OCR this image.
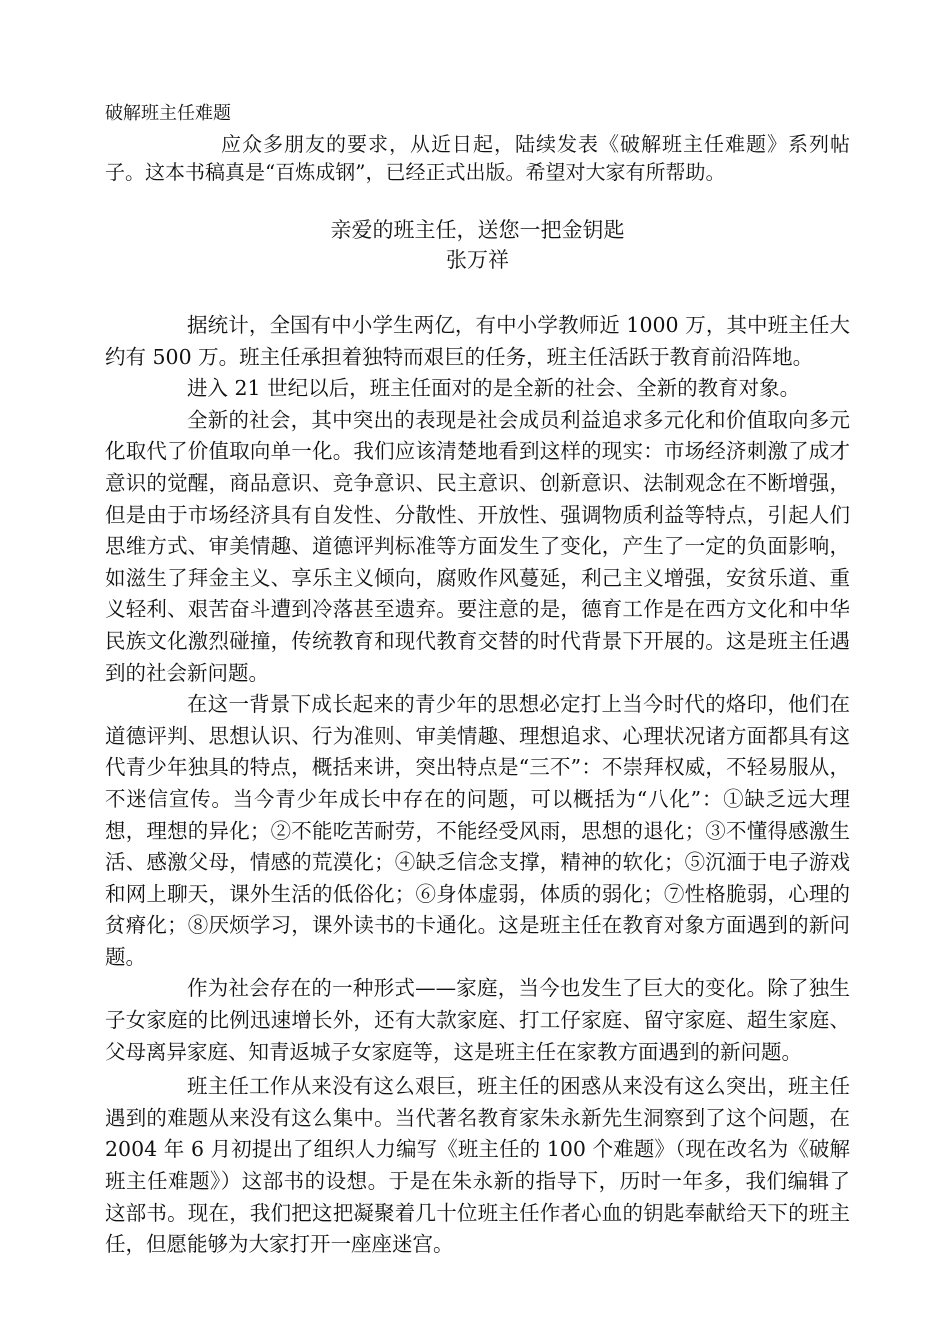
破解班主任难题

应众多朋友的要求，从近日起，陆续发表《破解班主任难题》系列帖子。这本书稿真是“百炼成钢”，已经正式出版。希望对大家有所帮助。

亲爱的班主任，送您一把金钥匙

张万祥

据统计，全国有中小学生两亿，有中小学教师近 1000 万，其中班主任大约有 500 万。班主任承担着独特而艰巨的任务，班主任活跃于教育前沿阵地。

进入 21 世纪以后，班主任面对的是全新的社会、全新的教育对象。

全新的社会，其中突出的表现是社会成员利益追求多元化和价值取向多元化取代了价值取向单一化。我们应该清楚地看到这样的现实：市场经济刺激了成才意识的觉醒，商品意识、竞争意识、民主意识、创新意识、法制观念在不断增强，但是由于市场经济具有自发性、分散性、开放性、强调物质利益等特点，引起人们思维方式、审美情趣、道德评判标准等方面发生了变化，产生了一定的负面影响，如滋生了拜金主义、享乐主义倾向，腐败作风蔓延，利己主义增强，安贫乐道、重义轻利、艰苦奋斗遭到冷落甚至遗弃。要注意的是，德育工作是在西方文化和中华民族文化激烈碰撞，传统教育和现代教育交替的时代背景下开展的。这是班主任遇到的社会新问题。

在这一背景下成长起来的青少年的思想必定打上当今时代的烙印，他们在道德评判、思想认识、行为准则、审美情趣、理想追求、心理状况诸方面都具有这代青少年独具的特点，概括来讲，突出特点是“三不”：不崇拜权威，不轻易服从，不迷信宣传。当今青少年成长中存在的问题，可以概括为“八化”：①缺乏远大理想，理想的异化；②不能吃苦耐劳，不能经受风雨，思想的退化；③不懂得感激生活、感激父母，情感的荒漠化；④缺乏信念支撑，精神的软化；⑤沉湎于电子游戏和网上聊天，课外生活的低俗化；⑥身体虚弱，体质的弱化；⑦性格脆弱，心理的贫瘠化；⑧厌烦学习，课外读书的卡通化。这是班主任在教育对象方面遇到的新问题。

作为社会存在的一种形式——家庭，当今也发生了巨大的变化。除了独生子女家庭的比例迅速增长外，还有大款家庭、打工仔家庭、留守家庭、超生家庭、父母离异家庭、知青返城子女家庭等，这是班主任在家教方面遇到的新问题。

班主任工作从来没有这么艰巨，班主任的困惑从来没有这么突出，班主任遇到的难题从来没有这么集中。当代著名教育家朱永新先生洞察到了这个问题，在 2004 年 6 月初提出了组织人力编写《班主任的 100 个难题》（现在改名为《破解班主任难题》）这部书的设想。于是在朱永新的指导下，历时一年多，我们编辑了这部书。现在，我们把这把凝聚着几十位班主任作者心血的钥匙奉献给天下的班主任，但愿能够为大家打开一座座迷宫。
